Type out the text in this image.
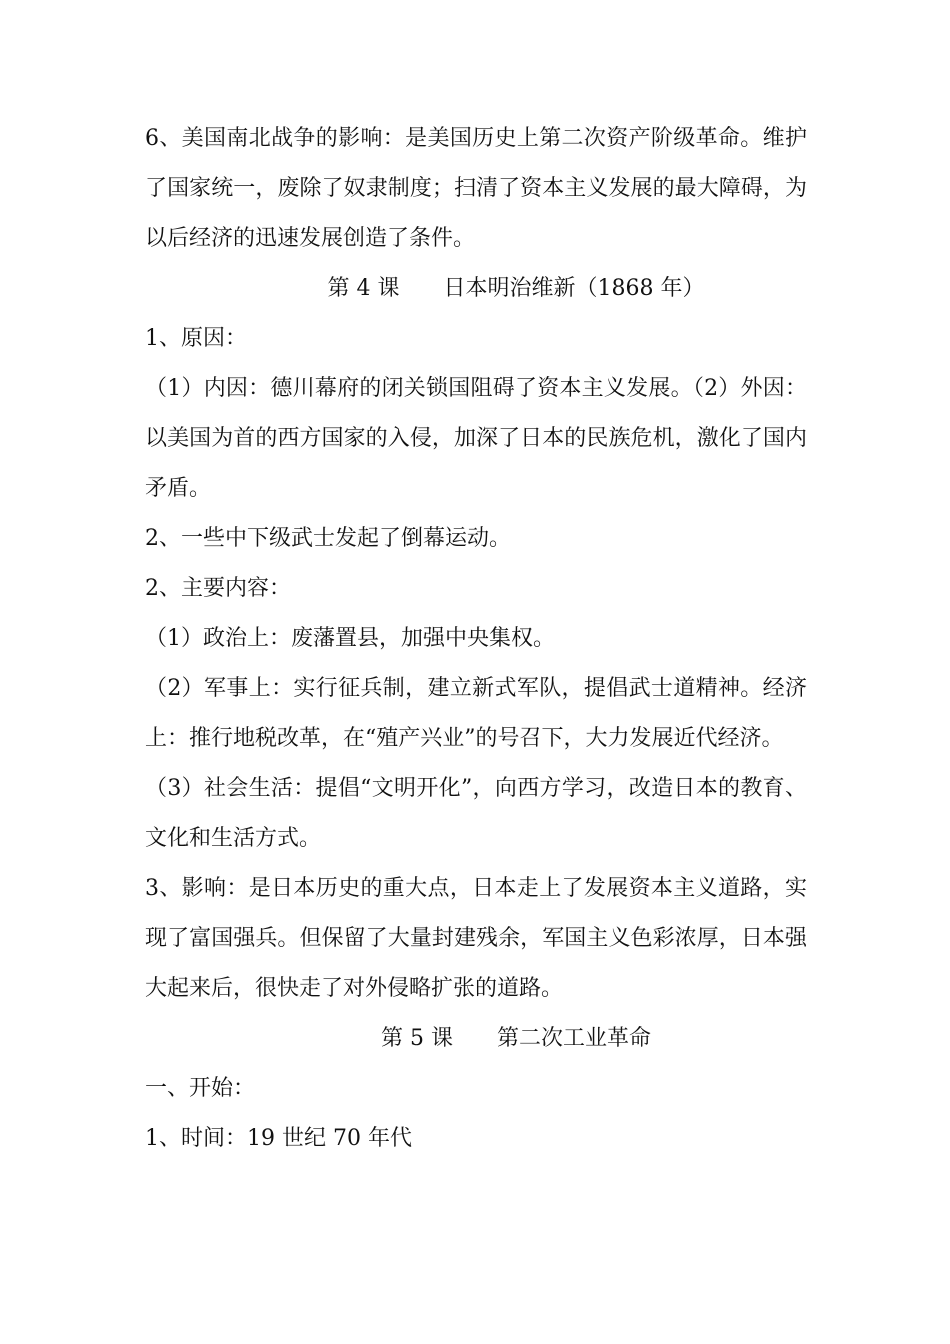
6、美国南北战争的影响：是美国历史上第二次资产阶级革命。维护了国家统一，废除了奴隶制度；扫清了资本主义发展的最大障碍，为以后经济的迅速发展创造了条件。

第 4 课　　日本明治维新（1868 年）

1、原因：

（1）内因：德川幕府的闭关锁国阻碍了资本主义发展。（2）外因：以美国为首的西方国家的入侵，加深了日本的民族危机，激化了国内矛盾。

2、一些中下级武士发起了倒幕运动。

2、主要内容：

（1）政治上：废藩置县，加强中央集权。

（2）军事上：实行征兵制，建立新式军队，提倡武士道精神。经济上：推行地税改革，在“殖产兴业”的号召下，大力发展近代经济。

（3）社会生活：提倡“文明开化”，向西方学习，改造日本的教育、文化和生活方式。

3、影响：是日本历史的重大点，日本走上了发展资本主义道路，实现了富国强兵。但保留了大量封建残余，军国主义色彩浓厚，日本强大起来后，很快走了对外侵略扩张的道路。

第 5 课　　第二次工业革命

一、开始：

1、时间：19 世纪 70 年代
